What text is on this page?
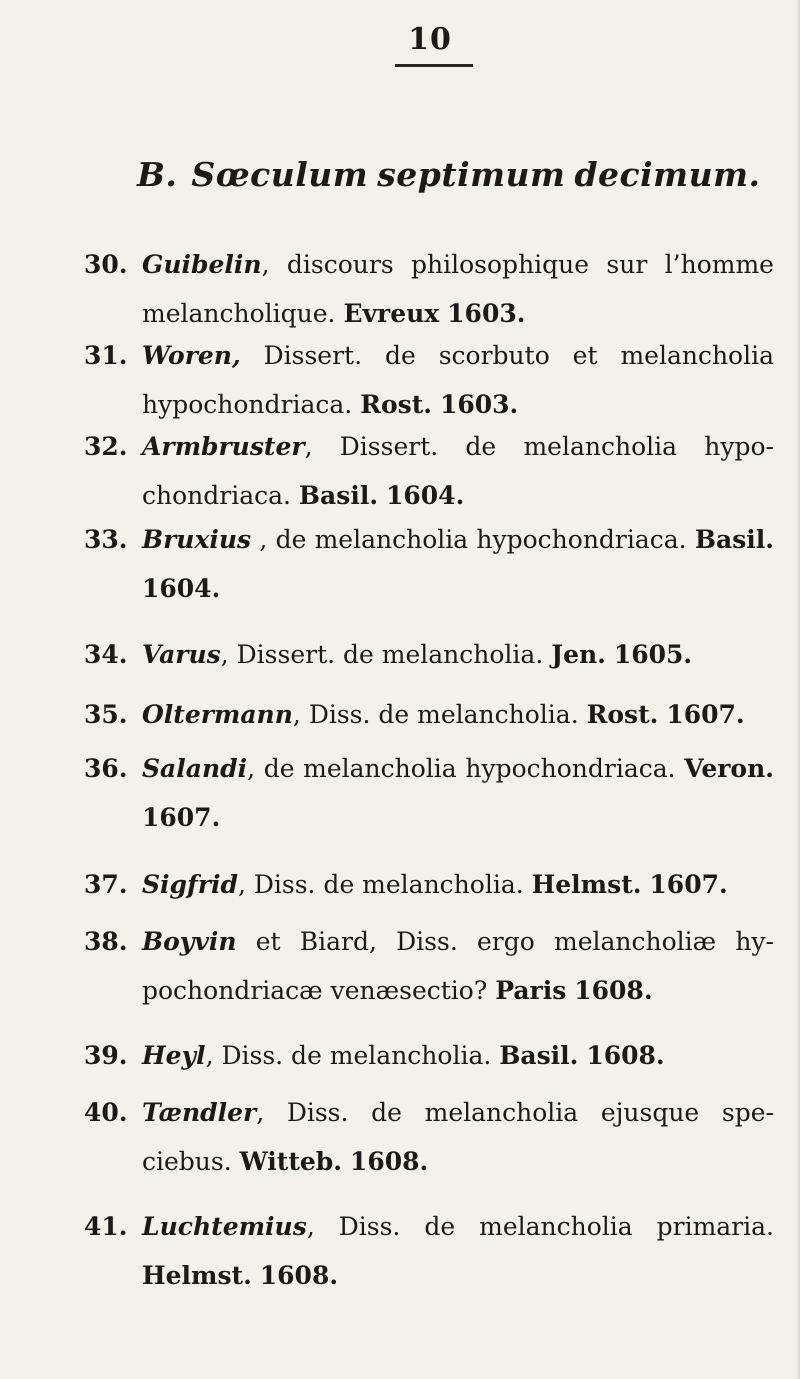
10
B. Sœculum septimum decimum.
30. Guibelin, discours philosophique sur l’homme melancholique. Evreux 1603.
31. Woren, Dissert. de scorbuto et melancholia hypochondriaca. Rost. 1603.
32. Armbruster, Dissert. de melancholia hypo-chondriaca. Basil. 1604.
33. Bruxius , de melancholia hypochondriaca. Basil. 1604.
34. Varus, Dissert. de melancholia. Jen. 1605.
35. Oltermann, Diss. de melancholia. Rost. 1607.
36. Salandi, de melancholia hypochondriaca. Veron. 1607.
37. Sigfrid, Diss. de melancholia. Helmst. 1607.
38. Boyvin et Biard, Diss. ergo melancholiæ hy-pochondriacæ venæsectio? Paris 1608.
39. Heyl, Diss. de melancholia. Basil. 1608.
40. Tændler, Diss. de melancholia ejusque spe-ciebus. Witteb. 1608.
41. Luchtemius, Diss. de melancholia primaria. Helmst. 1608.
